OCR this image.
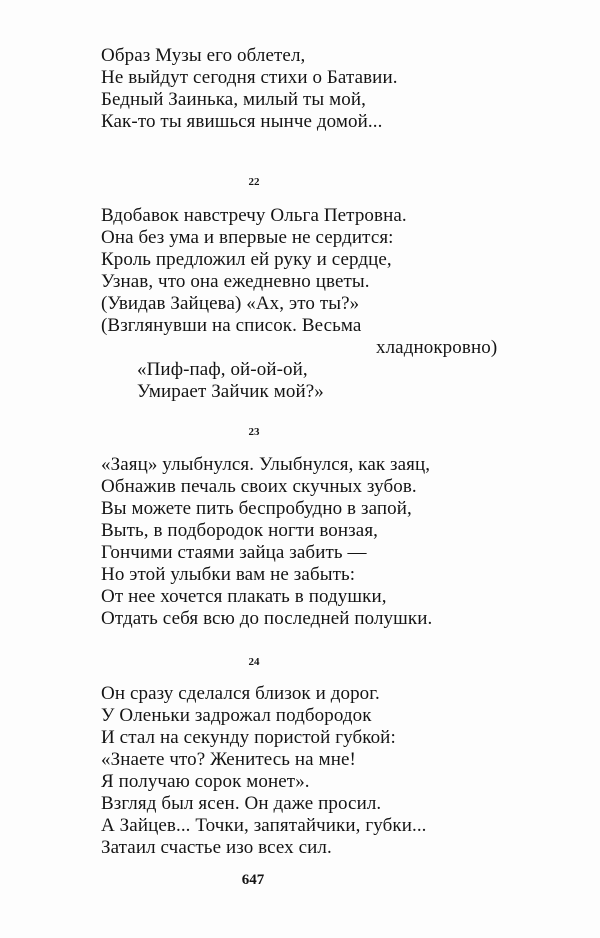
Образ Музы его облетел,
Не выйдут сегодня стихи о Батавии.
Бедный Заинька, милый ты мой,
Как-то ты явишься нынче домой...
22
Вдобавок навстречу Ольга Петровна.
Она без ума и впервые не сердится:
Кроль предложил ей руку и сердце,
Узнав, что она ежедневно цветы.
(Увидав Зайцева) «Ах, это ты?»
(Взглянувши на список. Весьма
хладнокровно)
«Пиф-паф, ой-ой-ой,
Умирает Зайчик мой?»
23
«Заяц» улыбнулся. Улыбнулся, как заяц,
Обнажив печаль своих скучных зубов.
Вы можете пить беспробудно в запой,
Выть, в подбородок ногти вонзая,
Гончими стаями зайца забить —
Но этой улыбки вам не забыть:
От нее хочется плакать в подушки,
Отдать себя всю до последней полушки.
24
Он сразу сделался близок и дорог.
У Оленьки задрожал подбородок
И стал на секунду пористой губкой:
«Знаете что? Женитесь на мне!
Я получаю сорок монет».
Взгляд был ясен. Он даже просил.
А Зайцев... Точки, запятайчики, губки...
Затаил счастье изо всех сил.
647
